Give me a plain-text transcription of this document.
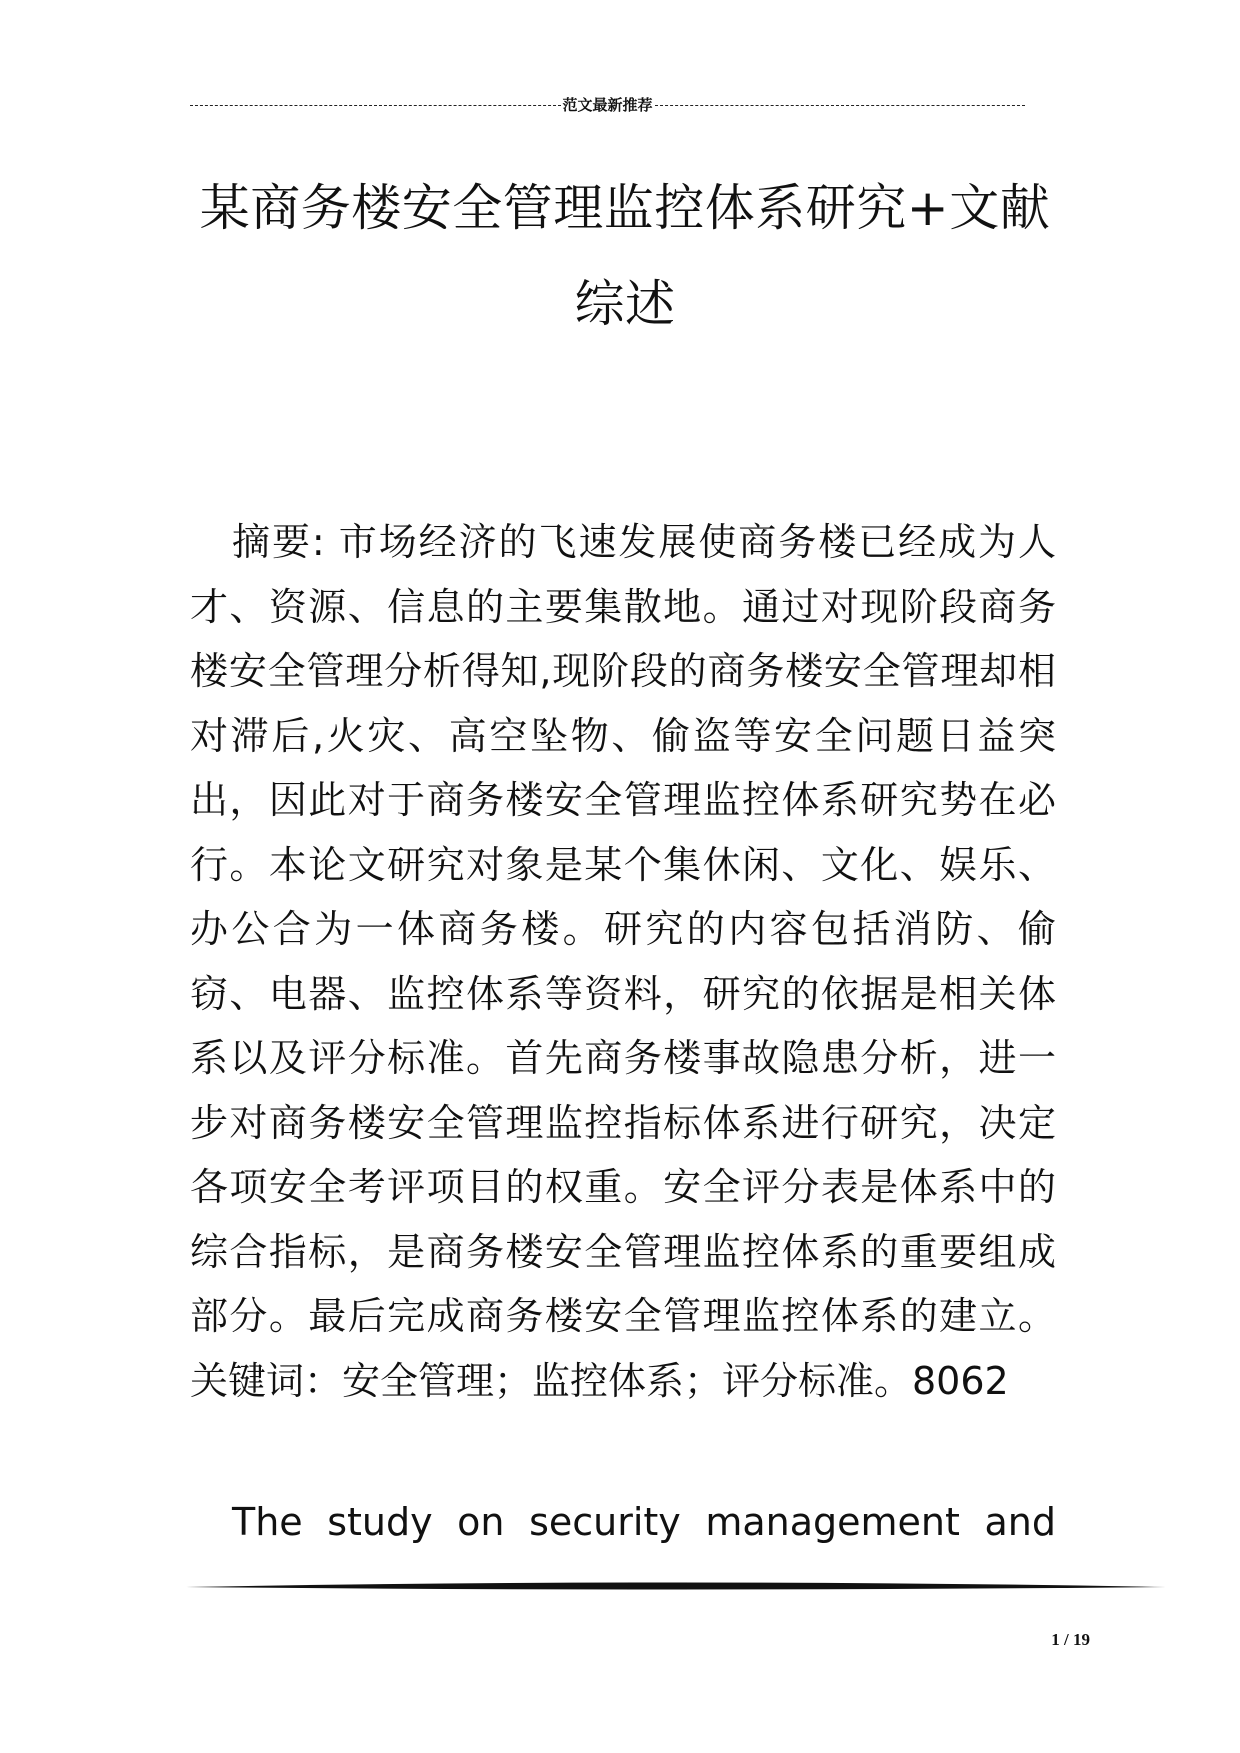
范文最新推荐
某商务楼安全管理监控体系研究+文献综述

摘要: 市场经济的飞速发展使商务楼已经成为人才、资源、信息的主要集散地。通过对现阶段商务楼安全管理分析得知,现阶段的商务楼安全管理却相对滞后,火灾、高空坠物、偷盗等安全问题日益突出，因此对于商务楼安全管理监控体系研究势在必行。本论文研究对象是某个集休闲、文化、娱乐、办公合为一体商务楼。研究的内容包括消防、偷窃、电器、监控体系等资料，研究的依据是相关体系以及评分标准。首先商务楼事故隐患分析，进一步对商务楼安全管理监控指标体系进行研究，决定各项安全考评项目的权重。安全评分表是体系中的综合指标，是商务楼安全管理监控体系的重要组成部分。最后完成商务楼安全管理监控体系的建立。关键词：安全管理；监控体系；评分标准。8062

The study on security management and

1 / 19
